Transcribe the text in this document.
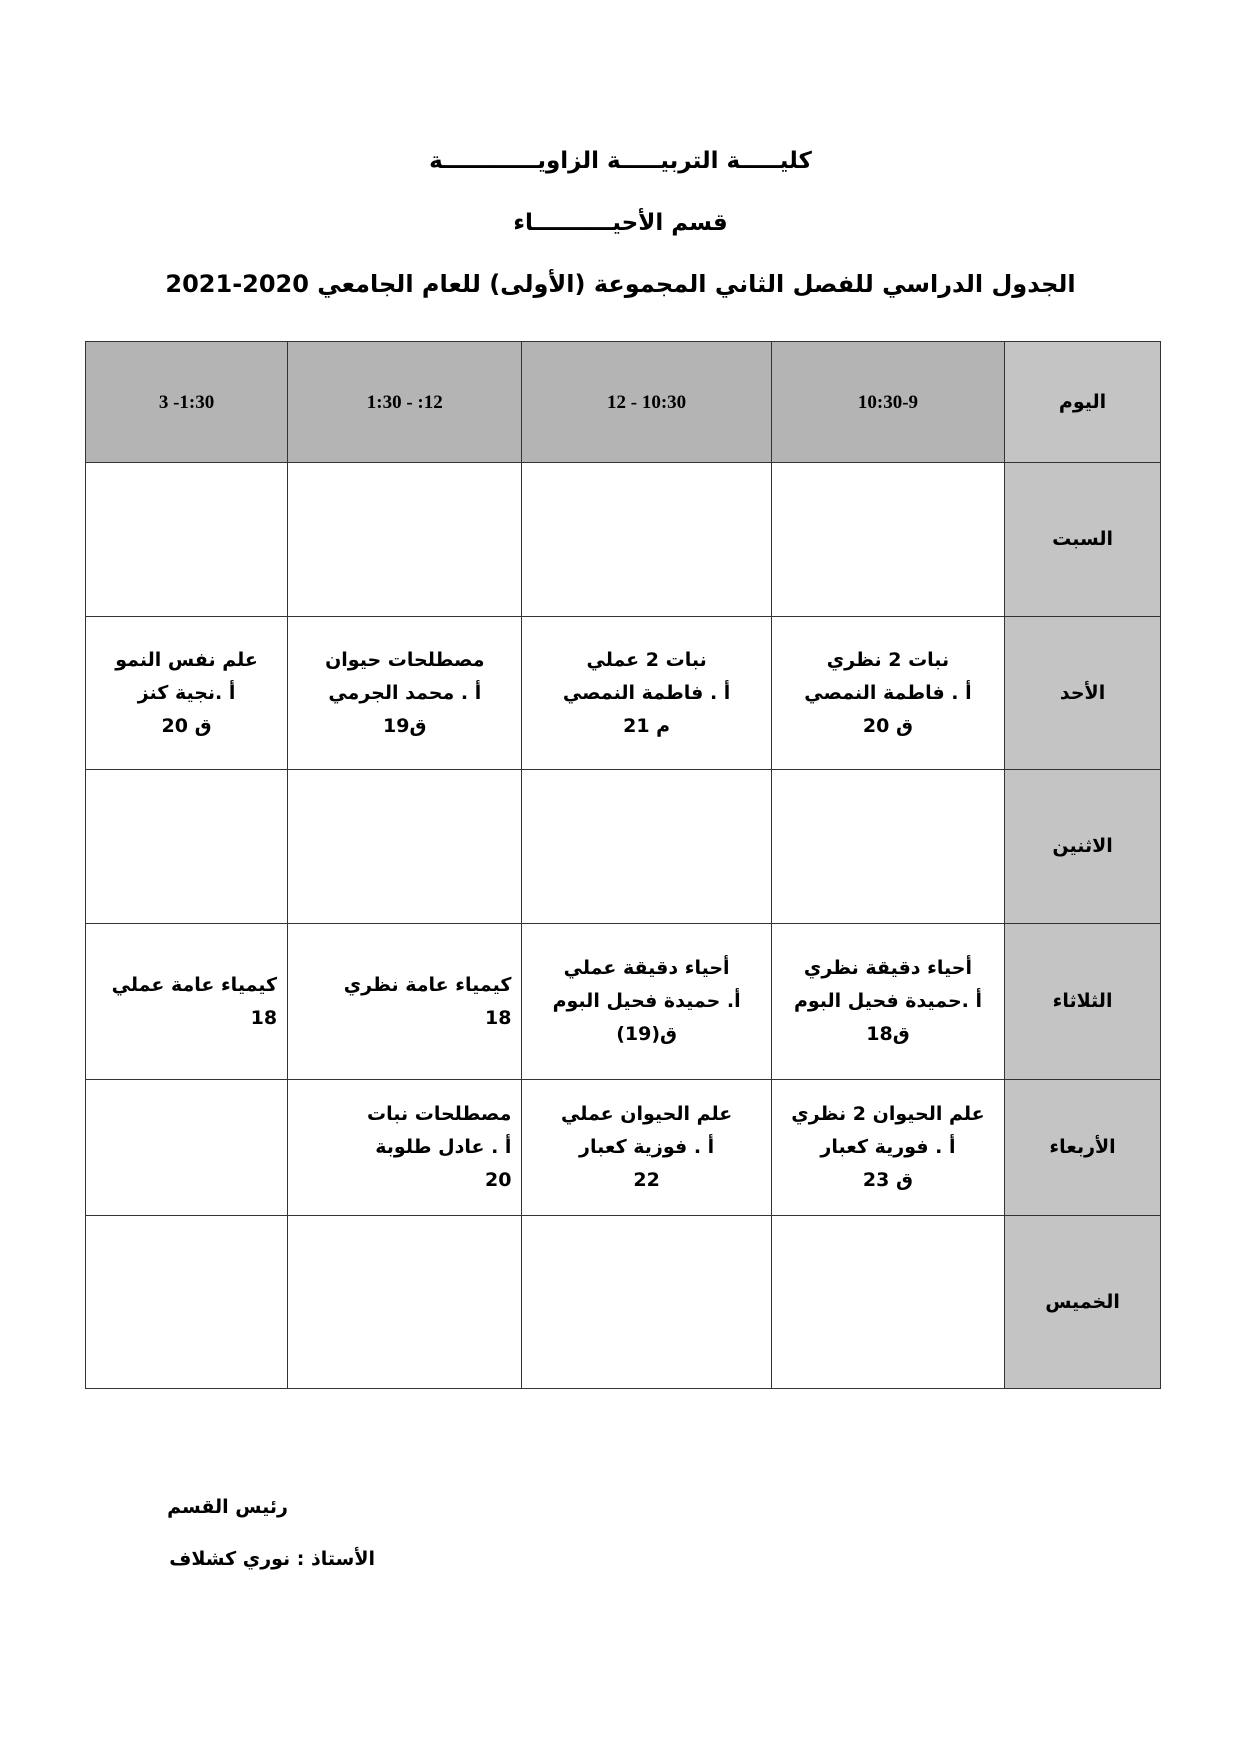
كليـــــة التربيـــــة الزاويــــــــــــة
قسم الأحيــــــــــاء
الجدول الدراسي للفصل الثاني المجموعة (الأولى) للعام الجامعي 2020-2021
3 -1:30	1:30 - :12	12 - 10:30	10:30-9	اليوم
				السبت

علم نفس النمو
أ .نجية كنز
ق 20	مصطلحات حيوان
أ . محمد الجرمي
ق19	نبات 2 عملي
أ . فاطمة النمصي
م 21	نبات 2 نظري
أ . فاطمة النمصي
ق 20	الأحد
				الاثنين

كيمياء عامة عملي
18	كيمياء عامة نظري
18	أحياء دقيقة عملي
أ. حميدة فحيل البوم
ق(19)	أحياء دقيقة نظري
أ .حميدة فحيل البوم
ق18	الثلاثاء

	مصطلحات نبات
أ . عادل طلوبة
20	علم الحيوان عملي
أ . فوزية كعبار
22	علم الحيوان 2 نظري
أ . فورية كعبار
ق 23	الأربعاء
				الخميس
رئيس القسم
الأستاذ : نوري كشلاف
